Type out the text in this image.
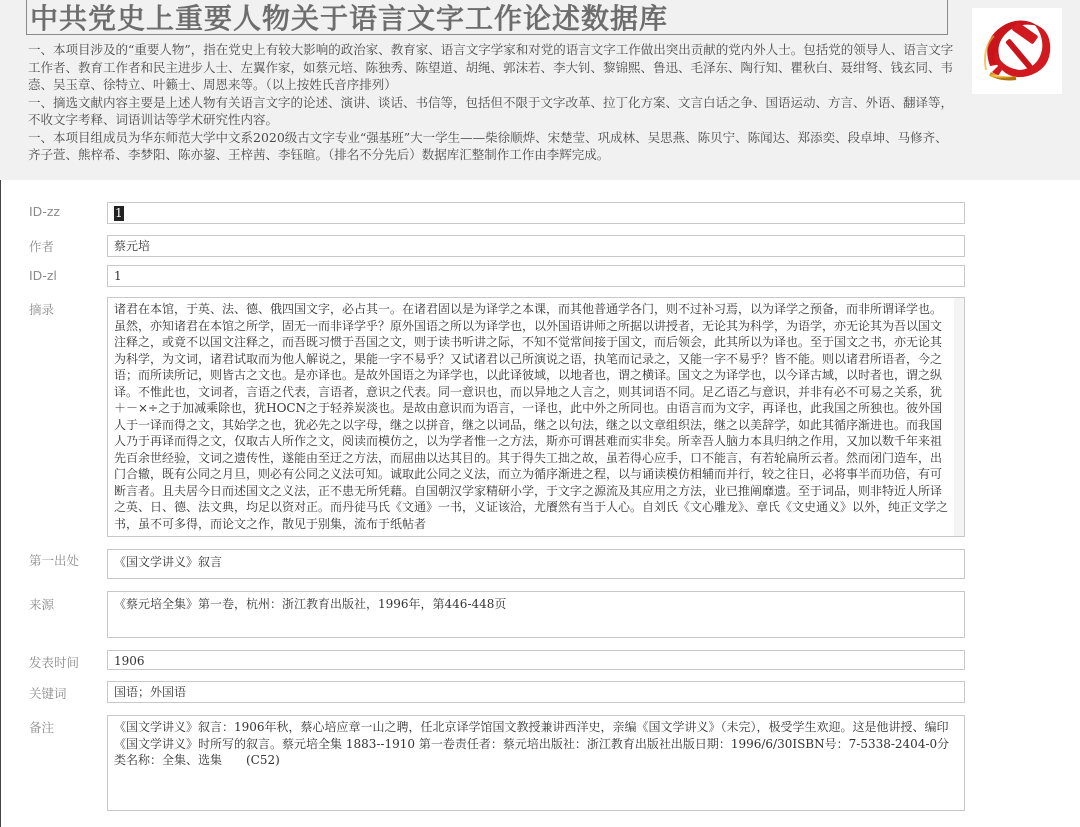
中共党史上重要人物关于语言文字工作论述数据库

一、本项目涉及的“重要人物”，指在党史上有较大影响的政治家、教育家、语言文字学家和对党的语言文字工作做出突出贡献的党内外人士。包括党的领导人、语言文字工作者、教育工作者和民主进步人士、左翼作家，如蔡元培、陈独秀、陈望道、胡绳、郭沫若、李大钊、黎锦熙、鲁迅、毛泽东、陶行知、瞿秋白、聂绀弩、钱玄同、韦悫、吴玉章、徐特立、叶籁士、周恩来等。（以上按姓氏音序排列）

一、摘选文献内容主要是上述人物有关语言文字的论述、演讲、谈话、书信等，包括但不限于文字改革、拉丁化方案、文言白话之争、国语运动、方言、外语、翻译等，不收文字考释、词语训诂等学术研究性内容。

一、本项目组成员为华东师范大学中文系2020级古文字专业“强基班”大一学生——柴徐顺烨、宋楚莹、巩成林、吴思燕、陈贝宁、陈闻达、郑添奕、段卓坤、马修齐、齐子萱、熊梓希、李梦阳、陈亦鋆、王梓茜、李钰暄。（排名不分先后）数据库汇整制作工作由李辉完成。

ID-zz	1
作者	蔡元培
ID-zl	1
摘录	诸君在本馆，于英、法、德、俄四国文字，必占其一。在诸君固以是为译学之本课，而其他普通学各门，则不过补习焉，以为译学之预备，而非所谓译学也。虽然，亦知诸君在本馆之所学，固无一而非译学乎？原外国语之所以为译学也，以外国语讲师之所据以讲授者，无论其为科学，为语学，亦无论其为吾以国文注释之，或竟不以国文注释之，而吾既习惯于吾国之文，则于读书听讲之际，不知不觉常间接于国文，而后领会，此其所以为译也。至于国文之书，亦无论其为科学，为文词，诸君试取而为他人解说之，果能一字不易乎？又试诸君以己所演说之语，执笔而记录之，又能一字不易乎？皆不能。则以诸君所语者，今之语；而所读所记，则皆古之文也。是亦译也。是故外国语之为译学也，以此译彼域，以地者也，谓之横译。国文之为译学也，以今译古域，以时者也，谓之纵译。不惟此也，文词者，言语之代表，言语者，意识之代表。同一意识也，而以异地之人言之，则其词语不同。足乙语乙与意识，并非有必不可易之关系，犹＋－×÷之于加减乘除也，犹HOCN之于轻养炭淡也。是故由意识而为语言，一译也，此中外之所同也。由语言而为文字，再译也，此我国之所独也。彼外国人于一译而得之文，其始学之也，犹必先之以字母，继之以拼音，继之以词品，继之以句法，继之以文章组织法，继之以美辞学，如此其循序渐进也。而我国人乃于再译而得之文，仅取古人所作之文，阅读而模仿之，以为学者惟一之方法，斯亦可谓甚难而实非矣。所幸吾人脑力本具归纳之作用，又加以数千年来祖先百余世经验，文词之遗传性，遂能由至迂之方法，而屈曲以达其目的。其于得失工拙之故，虽若得心应手，口不能言，有若轮扁所云者。然而闭门造车，出门合辙，既有公同之月旦，则必有公同之义法可知。诚取此公同之义法，而立为循序渐进之程，以与诵读模仿相辅而并行，较之往日，必将事半而功倍，有可断言者。且夫居今日而述国文之义法，正不患无所凭藉。自国朝汉学家精研小学，于文字之源流及其应用之方法，业已推阐靡遗。至于词品，则非特近人所译之英、日、德、法文典，均足以资对正。而丹徒马氏《文通》一书，义证该洽，尤餍然有当于人心。自刘氏《文心雕龙》、章氏《文史通义》以外，纯正文学之书，虽不可多得，而论文之作，散见于别集，流布于纸帖者
第一出处	《国文学讲义》叙言
来源	《蔡元培全集》第一卷，杭州：浙江教育出版社，1996年，第446-448页
发表时间	1906
关键词	国语；外国语
备注	《国文学讲义》叙言：1906年秋，蔡心培应章一山之聘，任北京译学馆国文教授兼讲西洋史，亲编《国文学讲义》（未完），极受学生欢迎。这是他讲授、编印《国文学讲义》时所写的叙言。蔡元培全集 1883--1910 第一卷责任者：蔡元培出版社：浙江教育出版社出版日期：1996/6/30ISBN号：7-5338-2404-0分类名称：全集、选集　　(C52)
